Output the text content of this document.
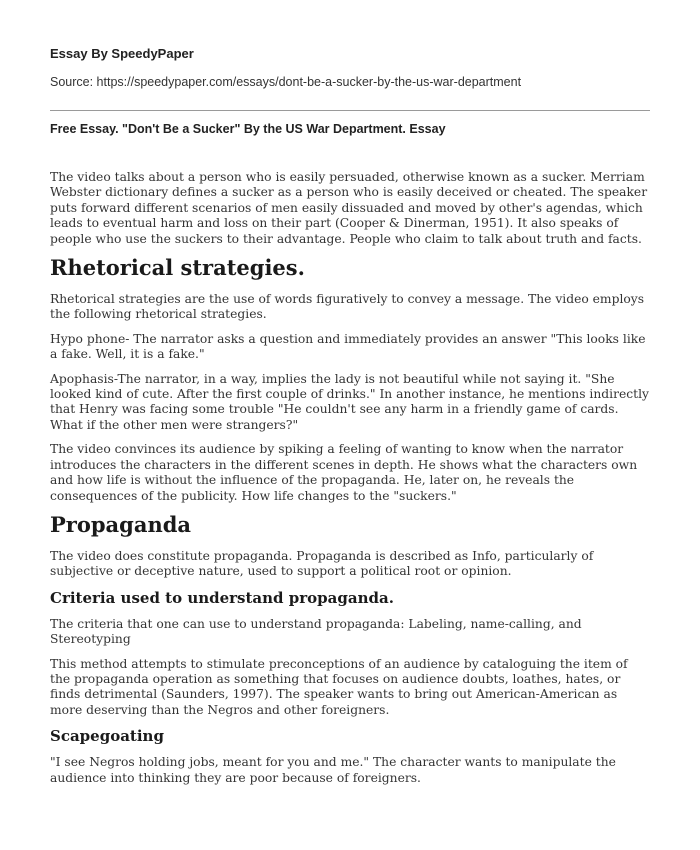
Essay By SpeedyPaper
Source: https://speedypaper.com/essays/dont-be-a-sucker-by-the-us-war-department
Free Essay. "Don't Be a Sucker" By the US War Department. Essay

The video talks about a person who is easily persuaded, otherwise known as a sucker. Merriam Webster dictionary defines a sucker as a person who is easily deceived or cheated. The speaker puts forward different scenarios of men easily dissuaded and moved by other's agendas, which leads to eventual harm and loss on their part (Cooper & Dinerman, 1951). It also speaks of people who use the suckers to their advantage. People who claim to talk about truth and facts.

Rhetorical strategies.

Rhetorical strategies are the use of words figuratively to convey a message. The video employs the following rhetorical strategies.

Hypo phone- The narrator asks a question and immediately provides an answer "This looks like a fake. Well, it is a fake."

Apophasis-The narrator, in a way, implies the lady is not beautiful while not saying it. "She looked kind of cute. After the first couple of drinks." In another instance, he mentions indirectly that Henry was facing some trouble "He couldn't see any harm in a friendly game of cards. What if the other men were strangers?"

The video convinces its audience by spiking a feeling of wanting to know when the narrator introduces the characters in the different scenes in depth. He shows what the characters own and how life is without the influence of the propaganda. He, later on, he reveals the consequences of the publicity. How life changes to the "suckers."

Propaganda

The video does constitute propaganda. Propaganda is described as Info, particularly of subjective or deceptive nature, used to support a political root or opinion.

Criteria used to understand propaganda.

The criteria that one can use to understand propaganda: Labeling, name-calling, and Stereotyping

This method attempts to stimulate preconceptions of an audience by cataloguing the item of the propaganda operation as something that focuses on audience doubts, loathes, hates, or finds detrimental (Saunders, 1997). The speaker wants to bring out American-American as more deserving than the Negros and other foreigners.

Scapegoating

"I see Negros holding jobs, meant for you and me." The character wants to manipulate the audience into thinking they are poor because of foreigners.
